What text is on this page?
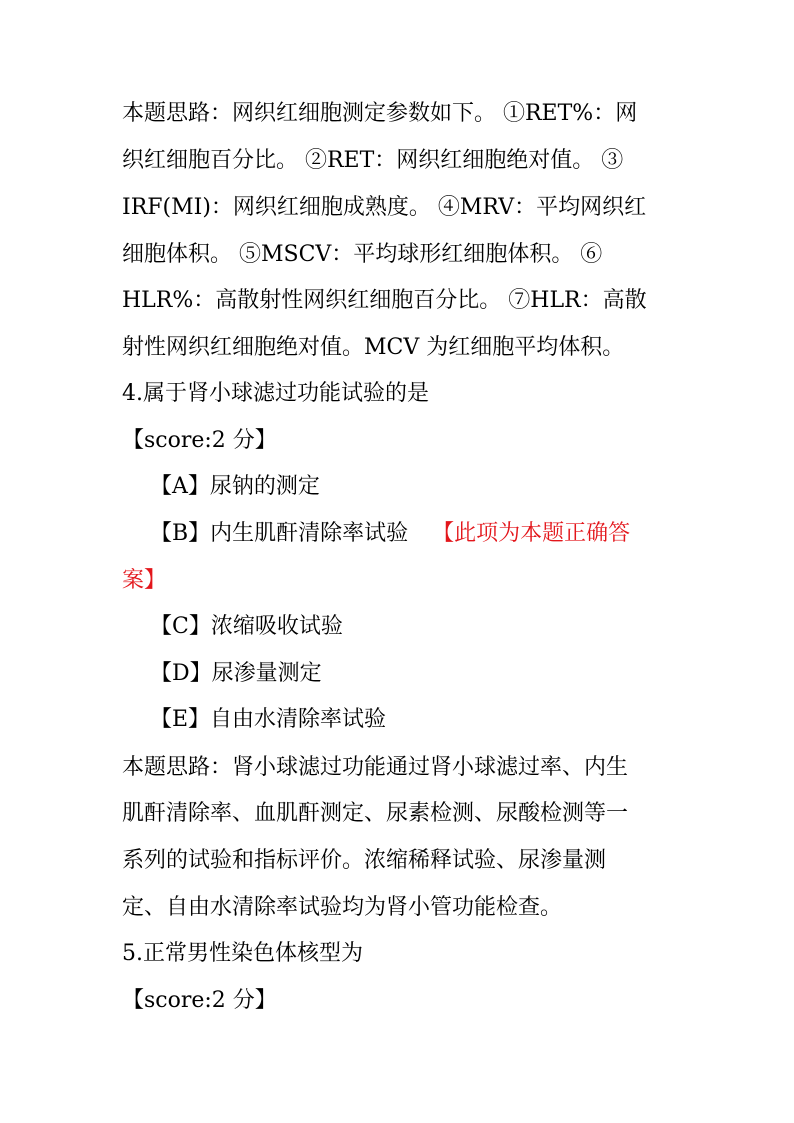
本题思路：网织红细胞测定参数如下。 ①RET%：网
织红细胞百分比。 ②RET：网织红细胞绝对值。 ③
IRF(MI)：网织红细胞成熟度。 ④MRV：平均网织红
细胞体积。 ⑤MSCV：平均球形红细胞体积。 ⑥
HLR%：高散射性网织红细胞百分比。 ⑦HLR：高散
射性网织红细胞绝对值。MCV 为红细胞平均体积。
4.属于肾小球滤过功能试验的是
【score:2 分】
【A】尿钠的测定
【B】内生肌酐清除率试验 【此项为本题正确答
案】
【C】浓缩吸收试验
【D】尿渗量测定
【E】自由水清除率试验
本题思路：肾小球滤过功能通过肾小球滤过率、内生
肌酐清除率、血肌酐测定、尿素检测、尿酸检测等一
系列的试验和指标评价。浓缩稀释试验、尿渗量测
定、自由水清除率试验均为肾小管功能检查。
5.正常男性染色体核型为
【score:2 分】
